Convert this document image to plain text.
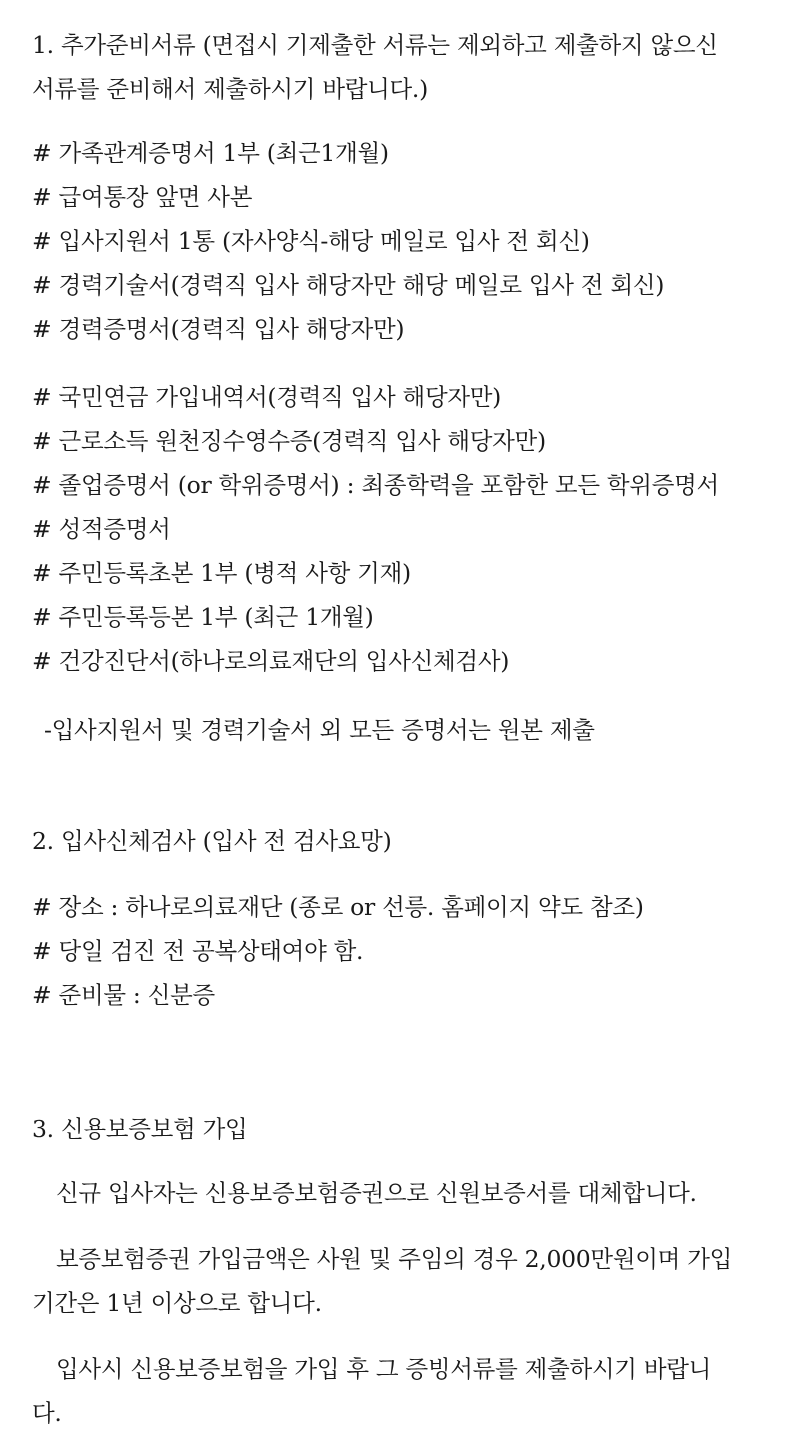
1. 추가준비서류 (면접시 기제출한 서류는 제외하고 제출하지 않으신
서류를 준비해서 제출하시기 바랍니다.)
# 가족관계증명서 1부 (최근1개월)
# 급여통장 앞면 사본
# 입사지원서 1통 (자사양식-해당 메일로 입사 전 회신)
# 경력기술서(경력직 입사 해당자만 해당 메일로 입사 전 회신)
# 경력증명서(경력직 입사 해당자만)
# 국민연금 가입내역서(경력직 입사 해당자만)
# 근로소득 원천징수영수증(경력직 입사 해당자만)
# 졸업증명서 (or 학위증명서) : 최종학력을 포함한 모든 학위증명서
# 성적증명서
# 주민등록초본 1부 (병적 사항 기재)
# 주민등록등본 1부 (최근 1개월)
# 건강진단서(하나로의료재단의 입사신체검사)
-입사지원서 및 경력기술서 외 모든 증명서는 원본 제출
2. 입사신체검사 (입사 전 검사요망)
# 장소 : 하나로의료재단 (종로 or 선릉. 홈페이지 약도 참조)
# 당일 검진 전 공복상태여야 함.
# 준비물 : 신분증
3. 신용보증보험 가입
신규 입사자는 신용보증보험증권으로 신원보증서를 대체합니다.
보증보험증권 가입금액은 사원 및 주임의 경우 2,000만원이며 가입
기간은 1년 이상으로 합니다.
입사시 신용보증보험을 가입 후 그 증빙서류를 제출하시기 바랍니
다.
